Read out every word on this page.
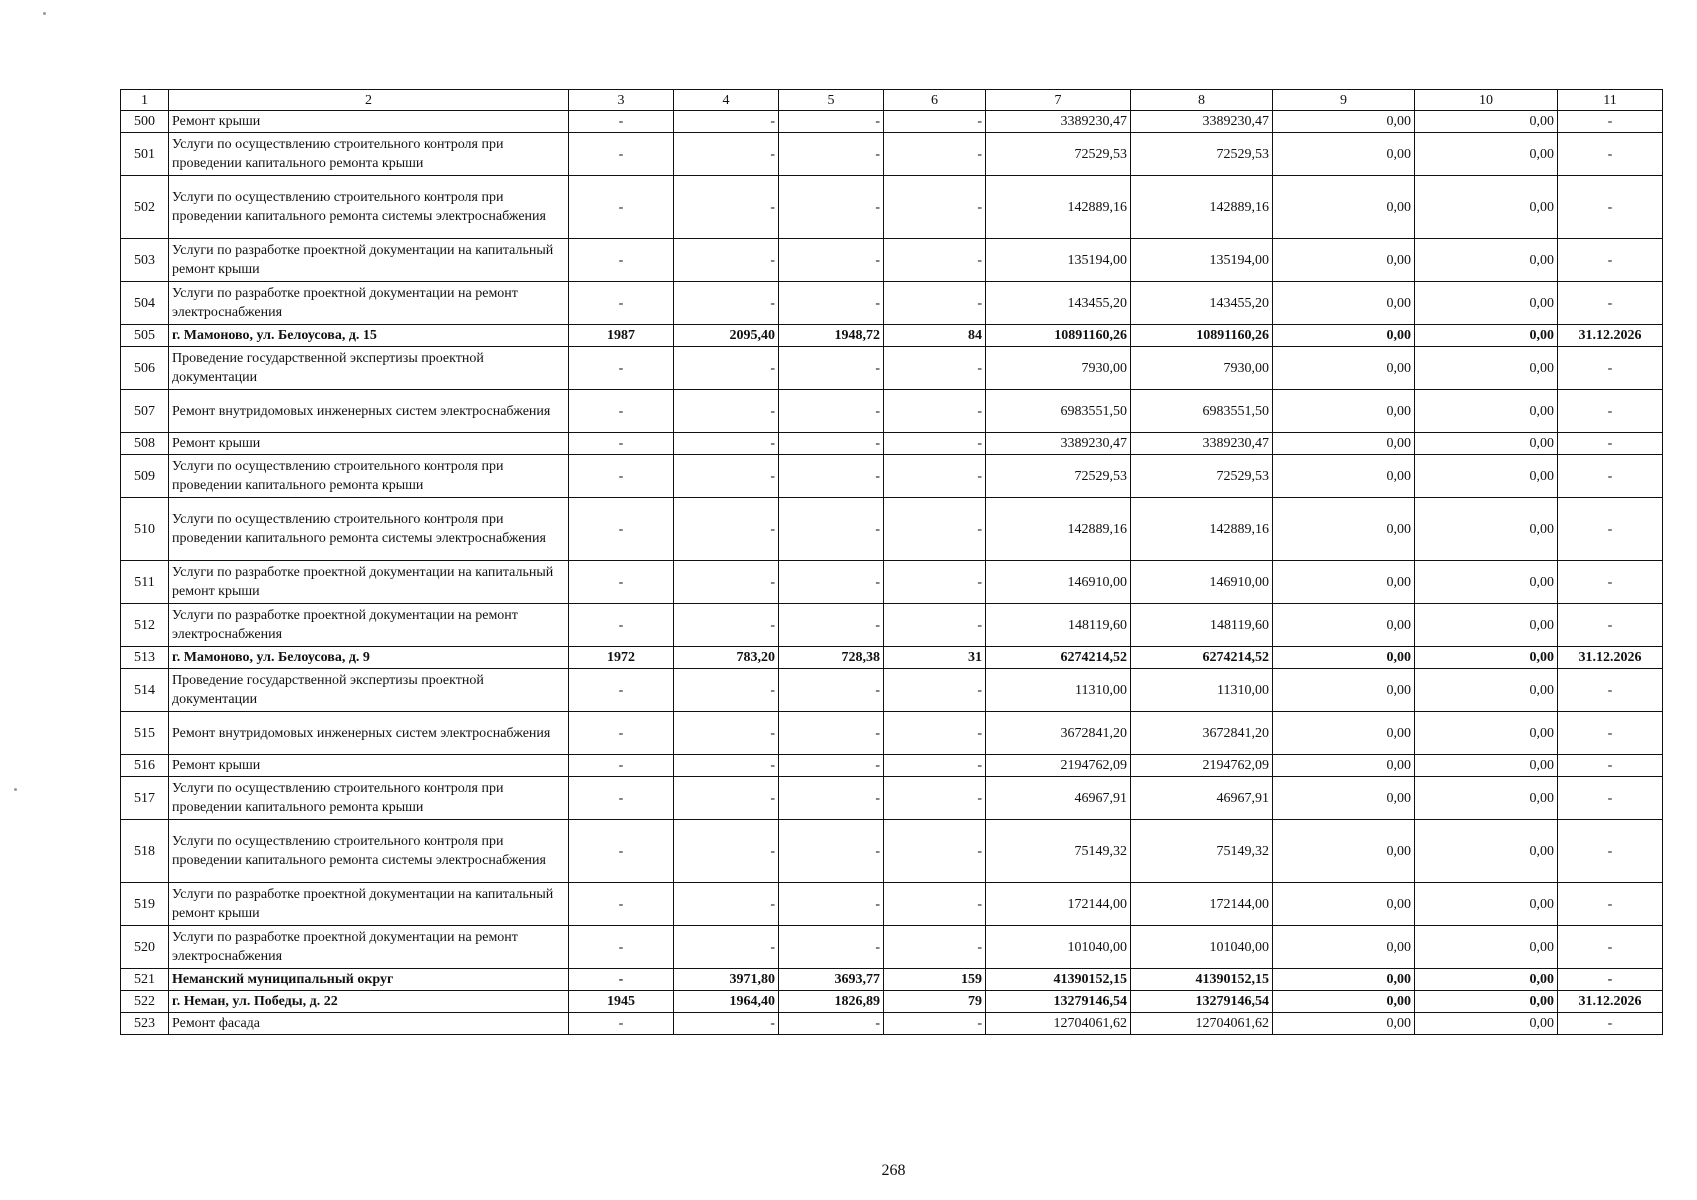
1	2	3	4	5	6	7	8	9	10	11
500	Ремонт крыши	-	-	-	-	3389230,47	3389230,47	0,00	0,00	-
501	Услуги по осуществлению строительного контроля при проведении капитального ремонта крыши	-	-	-	-	72529,53	72529,53	0,00	0,00	-
502	Услуги по осуществлению строительного контроля при проведении капитального ремонта системы электроснабжения	-	-	-	-	142889,16	142889,16	0,00	0,00	-
503	Услуги по разработке проектной документации на капитальный ремонт крыши	-	-	-	-	135194,00	135194,00	0,00	0,00	-
504	Услуги по разработке проектной документации на ремонт электроснабжения	-	-	-	-	143455,20	143455,20	0,00	0,00	-
505	г. Мамоново, ул. Белоусова, д. 15	1987	2095,40	1948,72	84	10891160,26	10891160,26	0,00	0,00	31.12.2026
506	Проведение государственной экспертизы проектной документации	-	-	-	-	7930,00	7930,00	0,00	0,00	-
507	Ремонт внутридомовых инженерных систем электроснабжения	-	-	-	-	6983551,50	6983551,50	0,00	0,00	-
508	Ремонт крыши	-	-	-	-	3389230,47	3389230,47	0,00	0,00	-
509	Услуги по осуществлению строительного контроля при проведении капитального ремонта крыши	-	-	-	-	72529,53	72529,53	0,00	0,00	-
510	Услуги по осуществлению строительного контроля при проведении капитального ремонта системы электроснабжения	-	-	-	-	142889,16	142889,16	0,00	0,00	-
511	Услуги по разработке проектной документации на капитальный ремонт крыши	-	-	-	-	146910,00	146910,00	0,00	0,00	-
512	Услуги по разработке проектной документации на ремонт электроснабжения	-	-	-	-	148119,60	148119,60	0,00	0,00	-
513	г. Мамоново, ул. Белоусова, д. 9	1972	783,20	728,38	31	6274214,52	6274214,52	0,00	0,00	31.12.2026
514	Проведение государственной экспертизы проектной документации	-	-	-	-	11310,00	11310,00	0,00	0,00	-
515	Ремонт внутридомовых инженерных систем электроснабжения	-	-	-	-	3672841,20	3672841,20	0,00	0,00	-
516	Ремонт крыши	-	-	-	-	2194762,09	2194762,09	0,00	0,00	-
517	Услуги по осуществлению строительного контроля при проведении капитального ремонта крыши	-	-	-	-	46967,91	46967,91	0,00	0,00	-
518	Услуги по осуществлению строительного контроля при проведении капитального ремонта системы электроснабжения	-	-	-	-	75149,32	75149,32	0,00	0,00	-
519	Услуги по разработке проектной документации на капитальный ремонт крыши	-	-	-	-	172144,00	172144,00	0,00	0,00	-
520	Услуги по разработке проектной документации на ремонт электроснабжения	-	-	-	-	101040,00	101040,00	0,00	0,00	-
521	Неманский муниципальный округ	-	3971,80	3693,77	159	41390152,15	41390152,15	0,00	0,00	-
522	г. Неман, ул. Победы, д. 22	1945	1964,40	1826,89	79	13279146,54	13279146,54	0,00	0,00	31.12.2026
523	Ремонт фасада	-	-	-	-	12704061,62	12704061,62	0,00	0,00	-
268
